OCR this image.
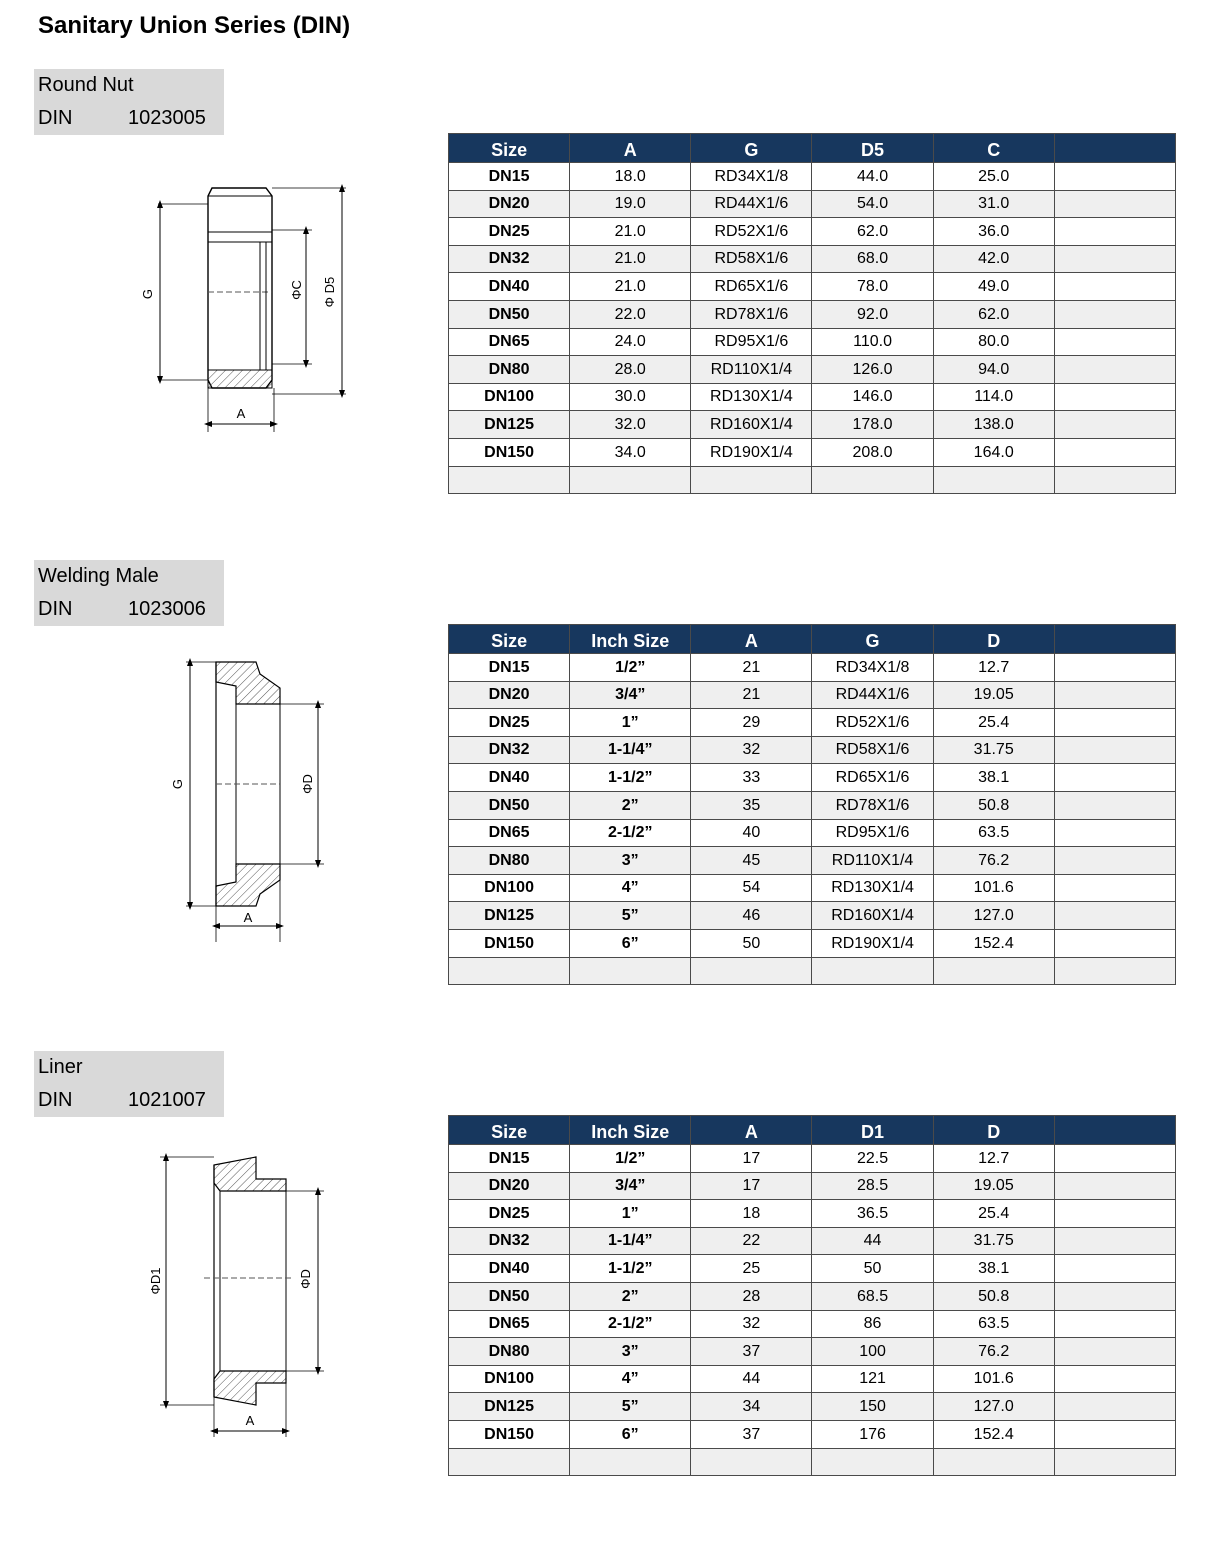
Sanitary Union Series (DIN)
Round Nut
DIN	1023005
G	ΦC Φ D5
A
Size	A	G	D5	C	
DN15	18.0	RD34X1/8	44.0	25.0	
DN20	19.0	RD44X1/6	54.0	31.0	
DN25	21.0	RD52X1/6	62.0	36.0	
DN32	21.0	RD58X1/6	68.0	42.0	
DN40	21.0	RD65X1/6	78.0	49.0	
DN50	22.0	RD78X1/6	92.0	62.0	
DN65	24.0	RD95X1/6	110.0	80.0	
DN80	28.0	RD110X1/4	126.0	94.0	
DN100	30.0	RD130X1/4	146.0	114.0	
DN125	32.0	RD160X1/4	178.0	138.0	
DN150	34.0	RD190X1/4	208.0	164.0	

Welding Male
DIN	1023006
G	ΦD
A
Size	Inch Size	A	G	D	
DN15	1/2”	21	RD34X1/8	12.7	
DN20	3/4”	21	RD44X1/6	19.05	
DN25	1”	29	RD52X1/6	25.4	
DN32	1-1/4”	32	RD58X1/6	31.75	
DN40	1-1/2”	33	RD65X1/6	38.1	
DN50	2”	35	RD78X1/6	50.8	
DN65	2-1/2”	40	RD95X1/6	63.5	
DN80	3”	45	RD110X1/4	76.2	
DN100	4”	54	RD130X1/4	101.6	
DN125	5”	46	RD160X1/4	127.0	
DN150	6”	50	RD190X1/4	152.4	

Liner
DIN	1021007
ΦD1	ΦD
A
Size	Inch Size	A	D1	D	
DN15	1/2”	17	22.5	12.7	
DN20	3/4”	17	28.5	19.05	
DN25	1”	18	36.5	25.4	
DN32	1-1/4”	22	44	31.75	
DN40	1-1/2”	25	50	38.1	
DN50	2”	28	68.5	50.8	
DN65	2-1/2”	32	86	63.5	
DN80	3”	37	100	76.2	
DN100	4”	44	121	101.6	
DN125	5”	34	150	127.0	
DN150	6”	37	176	152.4	
